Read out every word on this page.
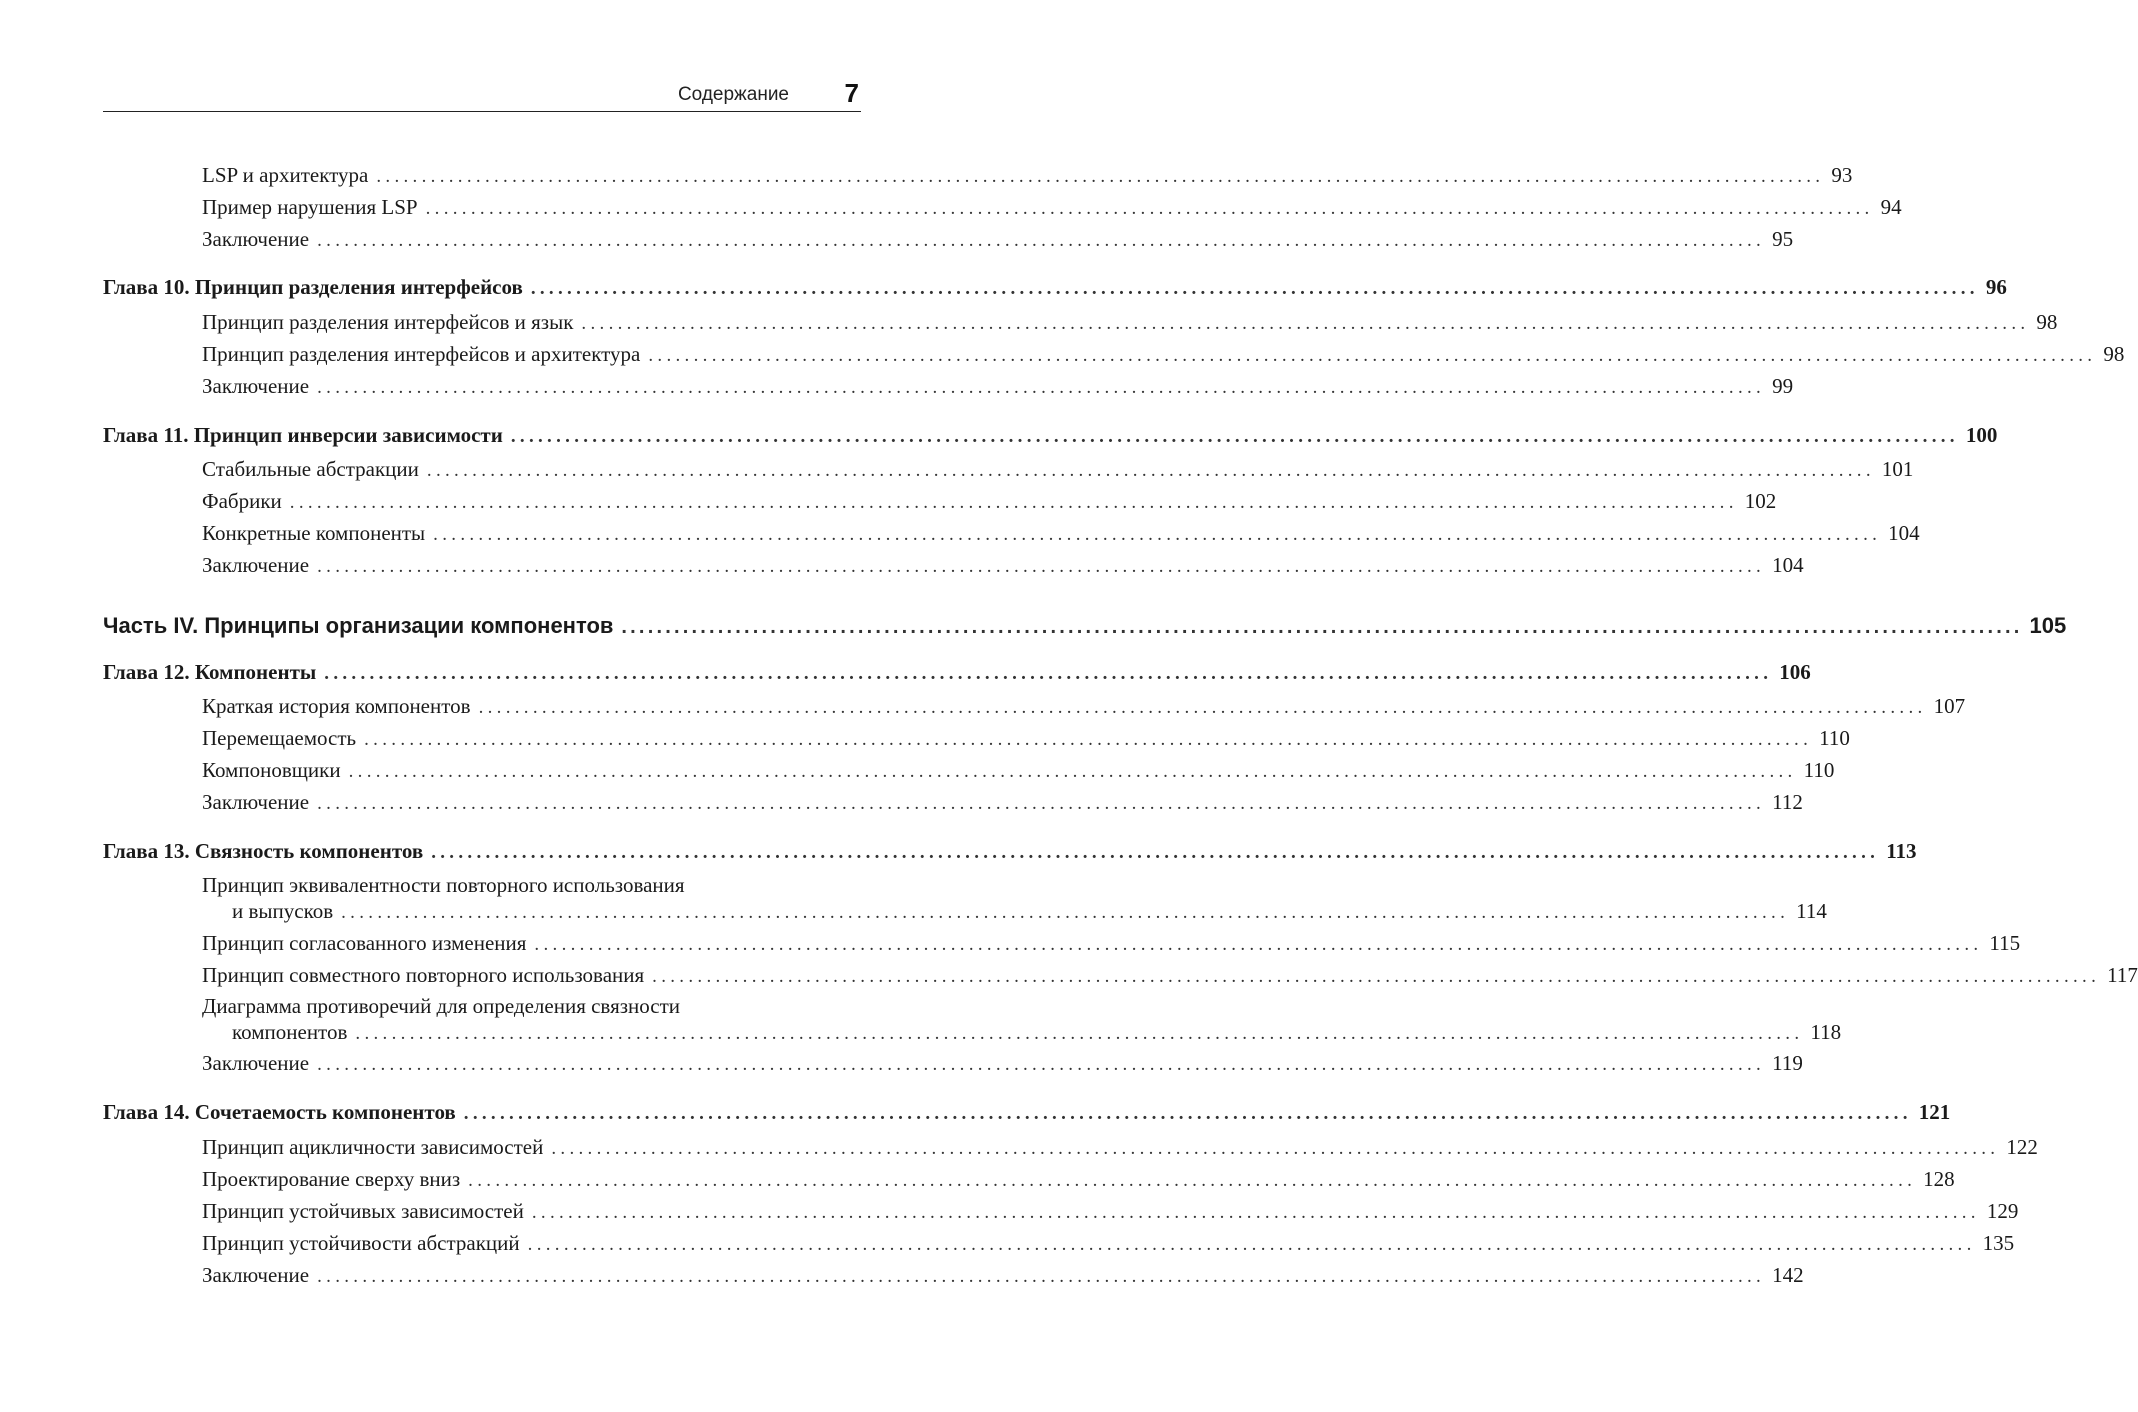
Содержание 7
LSP и архитектура ................................................................................................................................................................ 93
Пример нарушения LSP ................................................................................................................................................................ 94
Заключение ................................................................................................................................................................ 95
Глава 10. Принцип разделения интерфейсов ................................................................................................................................................................ 96
Принцип разделения интерфейсов и язык ................................................................................................................................................................ 98
Принцип разделения интерфейсов и архитектура ................................................................................................................................................................ 98
Заключение ................................................................................................................................................................ 99
Глава 11. Принцип инверсии зависимости ................................................................................................................................................................ 100
Стабильные абстракции ................................................................................................................................................................ 101
Фабрики ................................................................................................................................................................ 102
Конкретные компоненты ................................................................................................................................................................ 104
Заключение ................................................................................................................................................................ 104
Часть IV. Принципы организации компонентов ................................................................................................................................................................ 105
Глава 12. Компоненты ................................................................................................................................................................ 106
Краткая история компонентов ................................................................................................................................................................ 107
Перемещаемость ................................................................................................................................................................ 110
Компоновщики ................................................................................................................................................................ 110
Заключение ................................................................................................................................................................ 112
Глава 13. Связность компонентов ................................................................................................................................................................ 113
Принцип эквивалентности повторного использования
и выпусков ................................................................................................................................................................ 114
Принцип согласованного изменения ................................................................................................................................................................ 115
Принцип совместного повторного использования ................................................................................................................................................................ 117
Диаграмма противоречий для определения связности
компонентов ................................................................................................................................................................ 118
Заключение ................................................................................................................................................................ 119
Глава 14. Сочетаемость компонентов ................................................................................................................................................................ 121
Принцип ацикличности зависимостей ................................................................................................................................................................ 122
Проектирование сверху вниз ................................................................................................................................................................ 128
Принцип устойчивых зависимостей ................................................................................................................................................................ 129
Принцип устойчивости абстракций ................................................................................................................................................................ 135
Заключение ................................................................................................................................................................ 142
